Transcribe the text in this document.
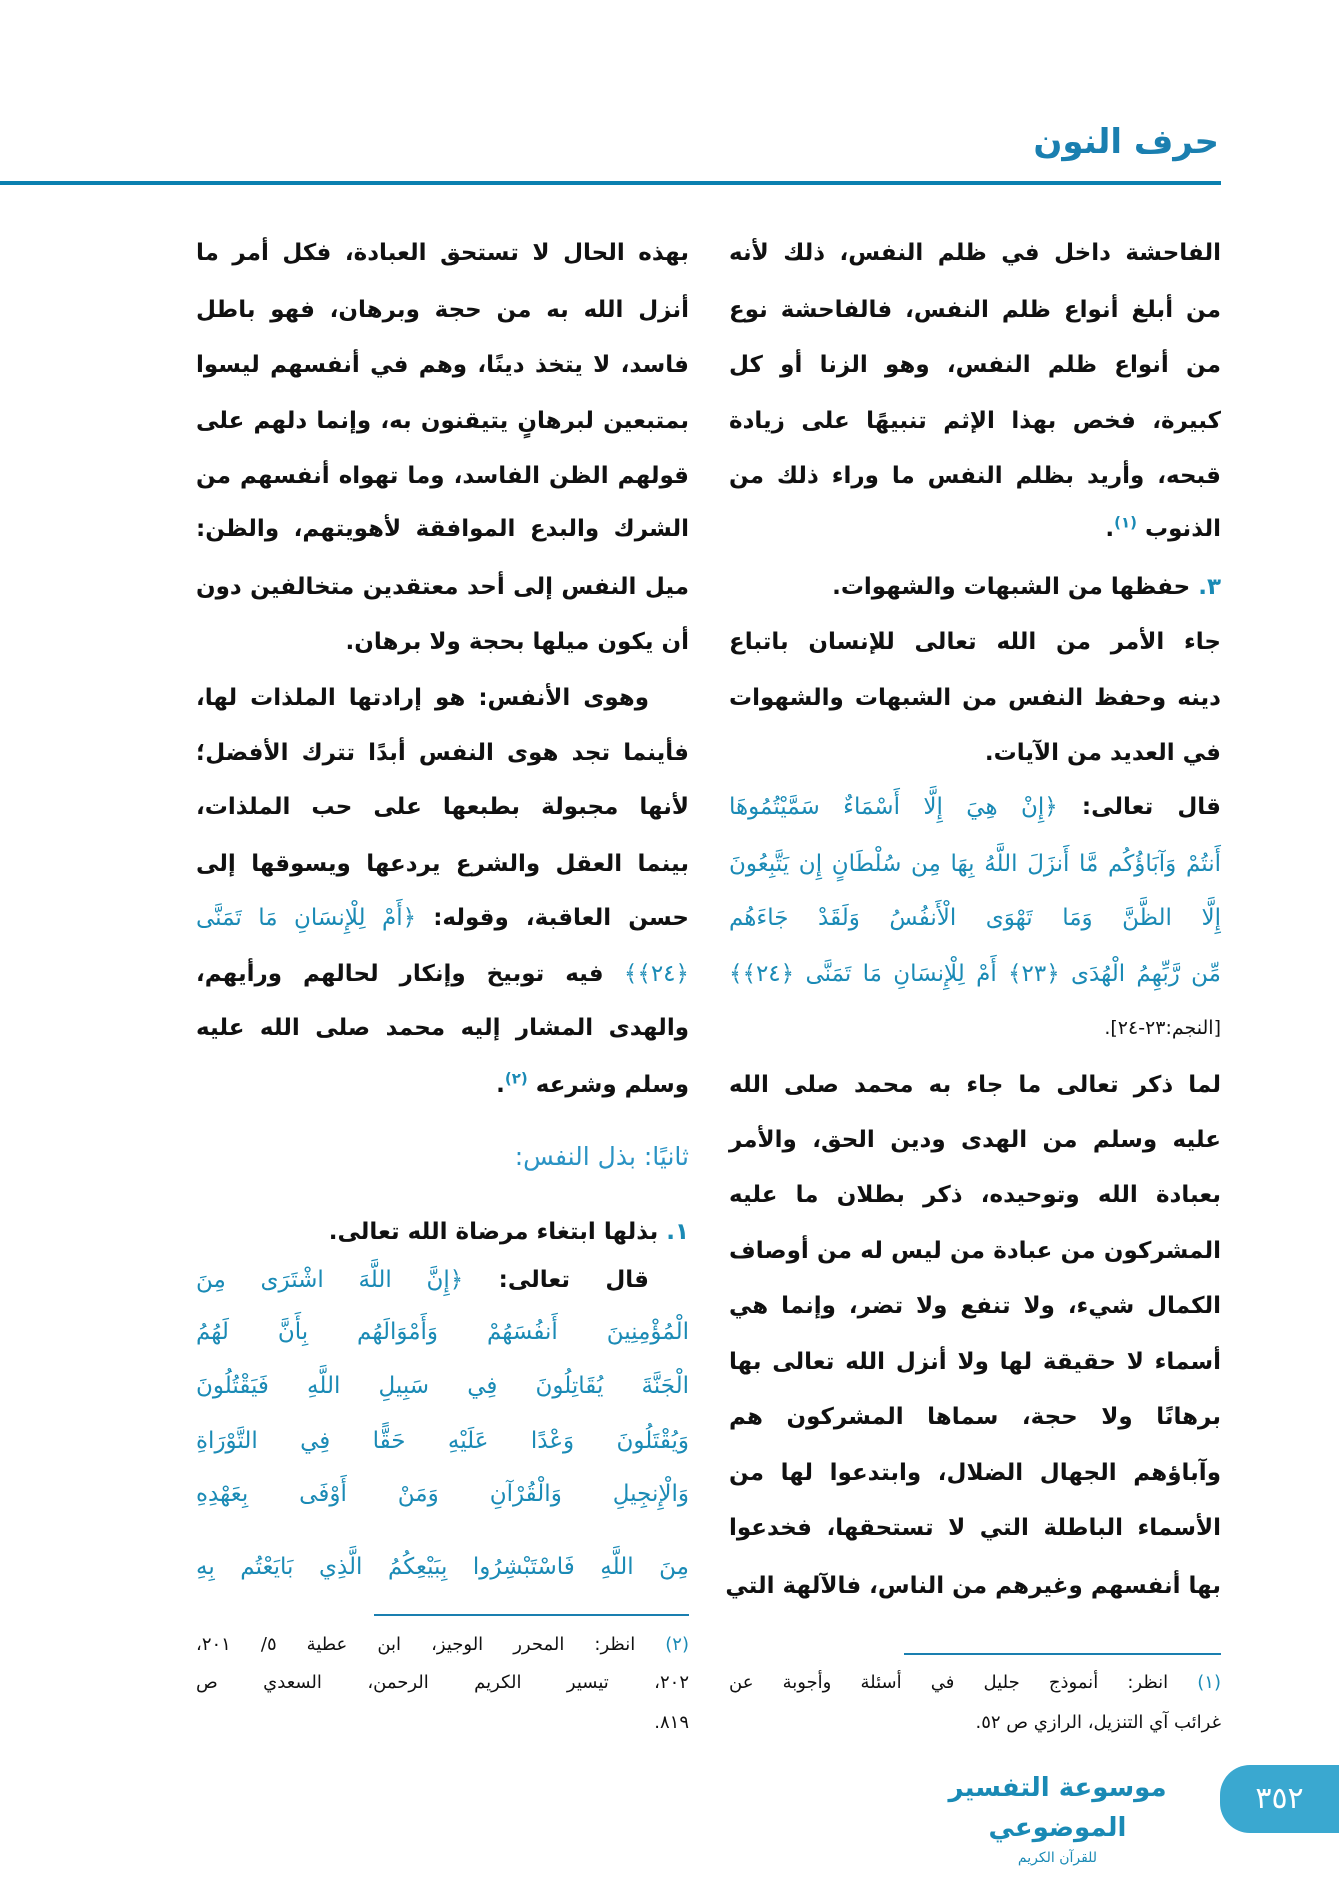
حرف النون
الفاحشة داخل في ظلم النفس، ذلك لأنه
من أبلغ أنواع ظلم النفس، فالفاحشة نوع
من أنواع ظلم النفس، وهو الزنا أو كل
كبيرة، فخص بهذا الإثم تنبيهًا على زيادة
قبحه، وأريد بظلم النفس ما وراء ذلك من
الذنوب $^{(١)}$.
٣. حفظها من الشبهات والشهوات.
جاء الأمر من الله تعالى للإنسان باتباع
دينه وحفظ النفس من الشبهات والشهوات
في العديد من الآيات.
قال تعالى: ﴿إِنْ هِيَ إِلَّا أَسْمَاءٌ سَمَّيْتُمُوهَا
أَنتُمْ وَآبَاؤُكُم مَّا أَنزَلَ اللَّهُ بِهَا مِن سُلْطَانٍ إِن يَتَّبِعُونَ
إِلَّا الظَّنَّ وَمَا تَهْوَى الْأَنفُسُ وَلَقَدْ جَاءَهُم
مِّن رَّبِّهِمُ الْهُدَى ﴿٢٣﴾ أَمْ لِلْإِنسَانِ مَا تَمَنَّى ﴿٢٤﴾﴾
[النجم:٢٣-٢٤].
لما ذكر تعالى ما جاء به محمد صلى الله
عليه وسلم من الهدى ودين الحق، والأمر
بعبادة الله وتوحيده، ذكر بطلان ما عليه
المشركون من عبادة من ليس له من أوصاف
الكمال شيء، ولا تنفع ولا تضر، وإنما هي
أسماء لا حقيقة لها ولا أنزل الله تعالى بها
برهانًا ولا حجة، سماها المشركون هم
وآباؤهم الجهال الضلال، وابتدعوا لها من
الأسماء الباطلة التي لا تستحقها، فخدعوا
بها أنفسهم وغيرهم من الناس، فالآلهة التي
بهذه الحال لا تستحق العبادة، فكل أمر ما
أنزل الله به من حجة وبرهان، فهو باطل
فاسد، لا يتخذ دينًا، وهم في أنفسهم ليسوا
بمتبعين لبرهانٍ يتيقنون به، وإنما دلهم على
قولهم الظن الفاسد، وما تهواه أنفسهم من
الشرك والبدع الموافقة لأهويتهم، والظن:
ميل النفس إلى أحد معتقدين متخالفين دون
أن يكون ميلها بحجة ولا برهان.
وهوى الأنفس: هو إرادتها الملذات لها،
فأينما تجد هوى النفس أبدًا تترك الأفضل؛
لأنها مجبولة بطبعها على حب الملذات،
بينما العقل والشرع يردعها ويسوقها إلى
حسن العاقبة، وقوله: ﴿أَمْ لِلْإِنسَانِ مَا تَمَنَّى
﴿٢٤﴾﴾ فيه توبيخ وإنكار لحالهم ورأيهم،
والهدى المشار إليه محمد صلى الله عليه
وسلم وشرعه $^{(٢)}$.
ثانيًا: بذل النفس:
١. بذلها ابتغاء مرضاة الله تعالى.
قال تعالى: ﴿إِنَّ اللَّهَ اشْتَرَى مِنَ
الْمُؤْمِنِينَ أَنفُسَهُمْ وَأَمْوَالَهُم بِأَنَّ لَهُمُ
الْجَنَّةَ يُقَاتِلُونَ فِي سَبِيلِ اللَّهِ فَيَقْتُلُونَ
وَيُقْتَلُونَ وَعْدًا عَلَيْهِ حَقًّا فِي التَّوْرَاةِ
وَالْإِنجِيلِ وَالْقُرْآنِ وَمَنْ أَوْفَى بِعَهْدِهِ
مِنَ اللَّهِ فَاسْتَبْشِرُوا بِبَيْعِكُمُ الَّذِي بَايَعْتُم بِهِ
(١) انظر: أنموذج جليل في أسئلة وأجوبة عن
غرائب آي التنزيل، الرازي ص ٥٢.
(٢) انظر: المحرر الوجيز، ابن عطية ٥/ ٢٠١،
٢٠٢، تيسير الكريم الرحمن، السعدي ص
٨١٩.
موسوعة التفسير الموضوعي
للقرآن الكريم
٣٥٢
